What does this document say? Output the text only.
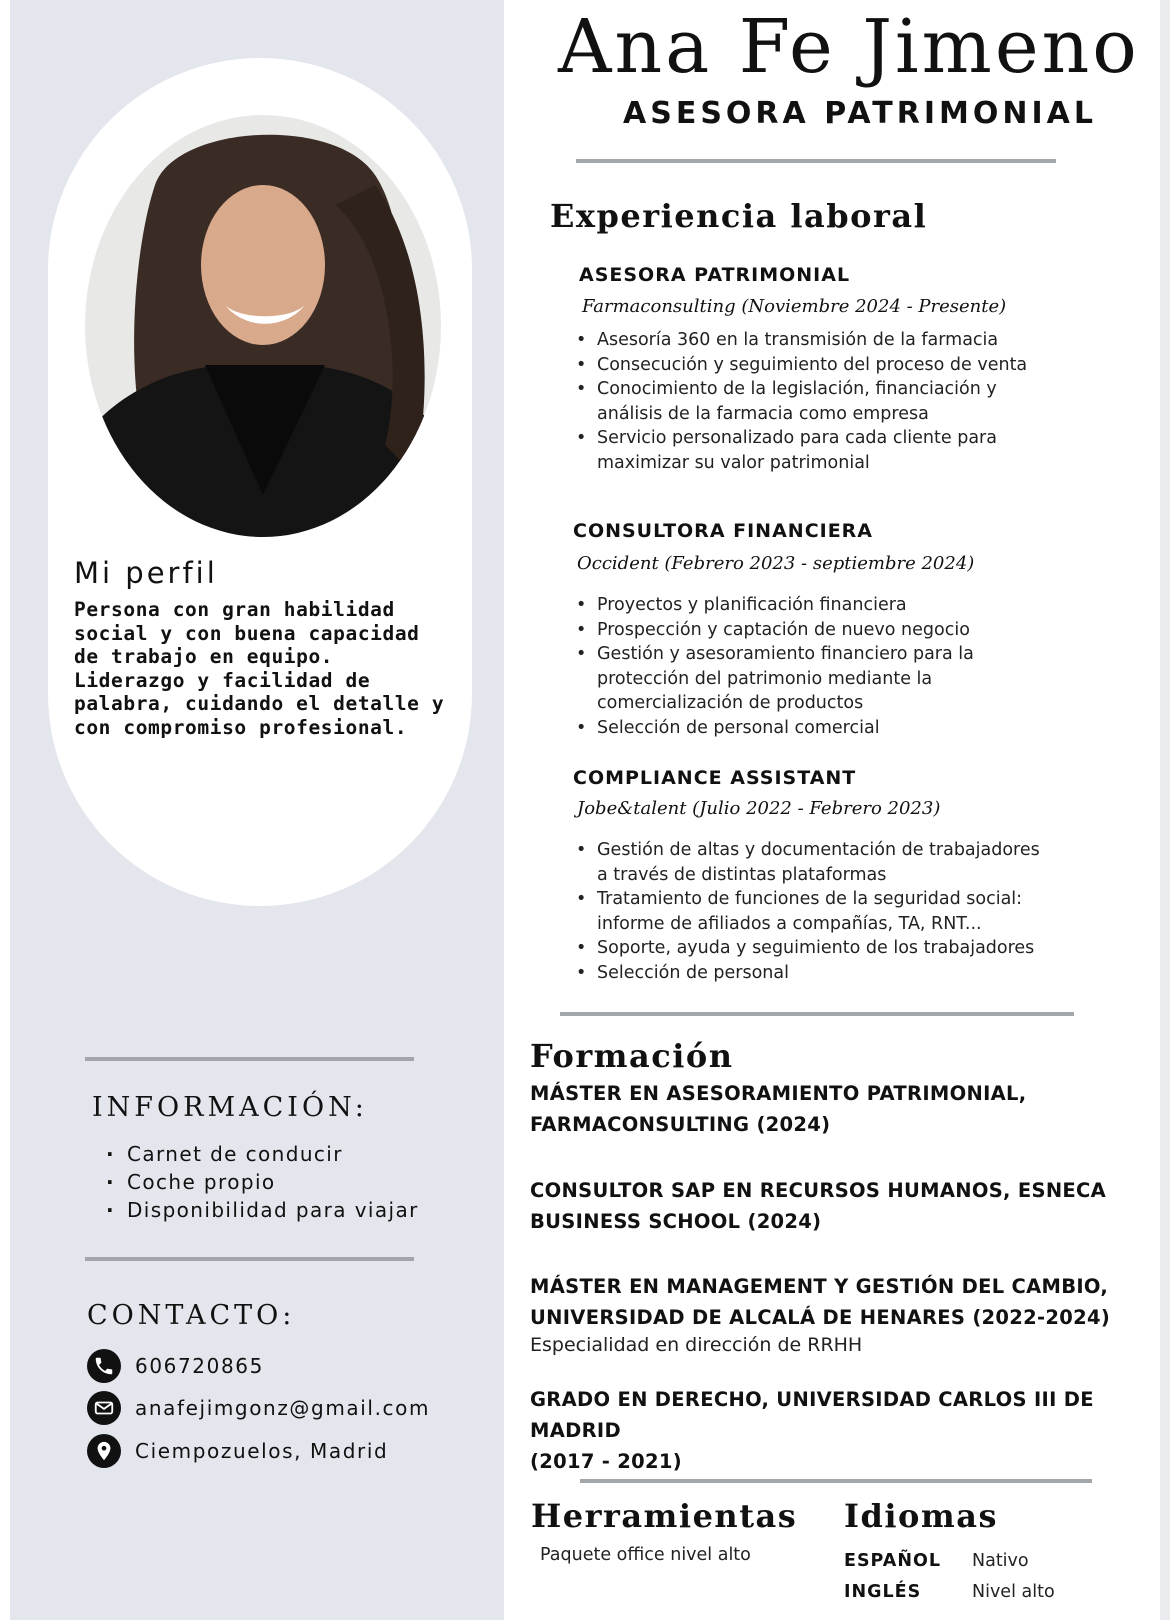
Mi perfil
Persona con gran habilidad
social y con buena capacidad
de trabajo en equipo.
Liderazgo y facilidad de
palabra, cuidando el detalle y
con compromiso profesional.
INFORMACIÓN:
· Carnet de conducir
· Coche propio
· Disponibilidad para viajar
CONTACTO:
606720865
anafejimgonz@gmail.com
Ciempozuelos, Madrid
Ana Fe Jimeno
ASESORA PATRIMONIAL
Experiencia laboral
ASESORA PATRIMONIAL
Farmaconsulting (Noviembre 2024 - Presente)
• Asesoría 360 en la transmisión de la farmacia
• Consecución y seguimiento del proceso de venta
• Conocimiento de la legislación, financiación y
análisis de la farmacia como empresa
• Servicio personalizado para cada cliente para
maximizar su valor patrimonial
CONSULTORA FINANCIERA
Occident (Febrero 2023 - septiembre 2024)
• Proyectos y planificación financiera
• Prospección y captación de nuevo negocio
• Gestión y asesoramiento financiero para la
protección del patrimonio mediante la
comercialización de productos
• Selección de personal comercial
COMPLIANCE ASSISTANT
Jobe&talent (Julio 2022 - Febrero 2023)
• Gestión de altas y documentación de trabajadores
a través de distintas plataformas
• Tratamiento de funciones de la seguridad social:
informe de afiliados a compañías, TA, RNT...
• Soporte, ayuda y seguimiento de los trabajadores
• Selección de personal
Formación
MÁSTER EN ASESORAMIENTO PATRIMONIAL,
FARMACONSULTING (2024)
CONSULTOR SAP EN RECURSOS HUMANOS, ESNECA
BUSINESS SCHOOL (2024)
MÁSTER EN MANAGEMENT Y GESTIÓN DEL CAMBIO,
UNIVERSIDAD DE ALCALÁ DE HENARES (2022-2024)
Especialidad en dirección de RRHH
GRADO EN DERECHO, UNIVERSIDAD CARLOS III DE MADRID
(2017 - 2021)
Herramientas
Paquete office nivel alto
Idiomas
ESPAÑOL	Nativo
INGLÉS	Nivel alto
